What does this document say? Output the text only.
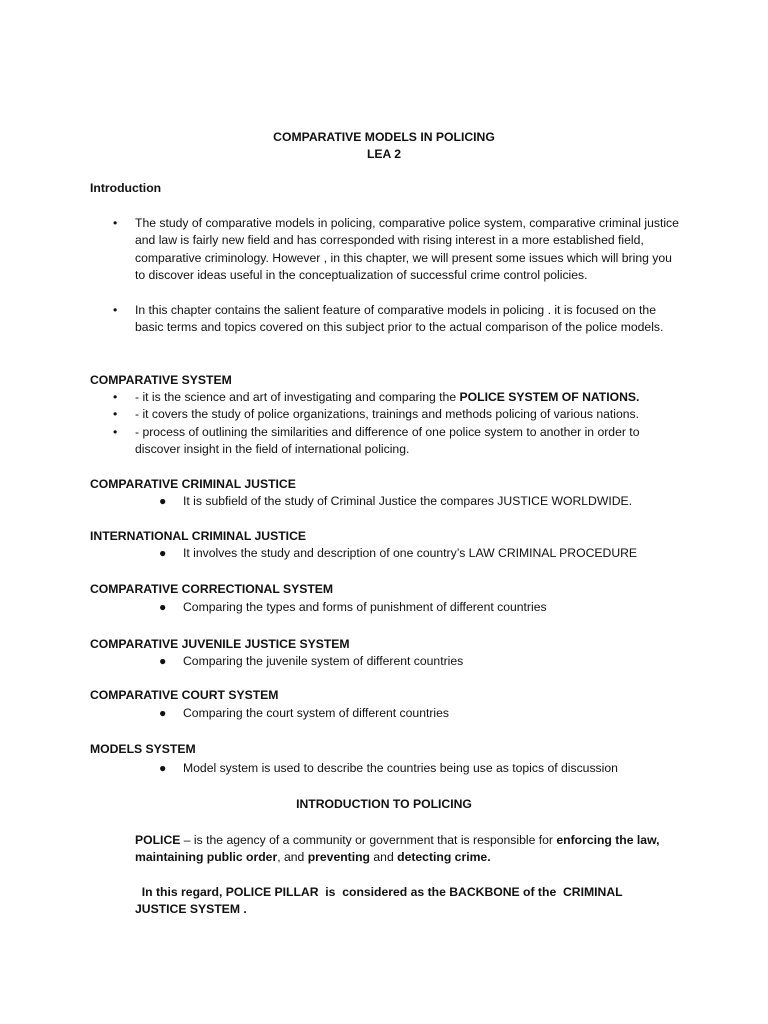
COMPARATIVE MODELS IN POLICING
LEA 2
Introduction
• The study of comparative models in policing, comparative police system, comparative criminal justice and law is fairly new field and has corresponded with rising interest in a more established field, comparative criminology. However , in this chapter, we will present some issues which will bring you to discover ideas useful in the conceptualization of successful crime control policies.
• In this chapter contains the salient feature of comparative models in policing . it is focused on the basic terms and topics covered on this subject prior to the actual comparison of the police models.
COMPARATIVE SYSTEM
• - it is the science and art of investigating and comparing the POLICE SYSTEM OF NATIONS.
• - it covers the study of police organizations, trainings and methods policing of various nations.
• - process of outlining the similarities and difference of one police system to another in order to discover insight in the field of international policing.
COMPARATIVE CRIMINAL JUSTICE
● It is subfield of the study of Criminal Justice the compares JUSTICE WORLDWIDE.
INTERNATIONAL CRIMINAL JUSTICE
● It involves the study and description of one country’s LAW CRIMINAL PROCEDURE
COMPARATIVE CORRECTIONAL SYSTEM
● Comparing the types and forms of punishment of different countries
COMPARATIVE JUVENILE JUSTICE SYSTEM
● Comparing the juvenile system of different countries
COMPARATIVE COURT SYSTEM
● Comparing the court system of different countries
MODELS SYSTEM
● Model system is used to describe the countries being use as topics of discussion
INTRODUCTION TO POLICING
POLICE – is the agency of a community or government that is responsible for enforcing the law, maintaining public order, and preventing and detecting crime.
In this regard, POLICE PILLAR  is  considered as the BACKBONE of the  CRIMINAL JUSTICE SYSTEM .
